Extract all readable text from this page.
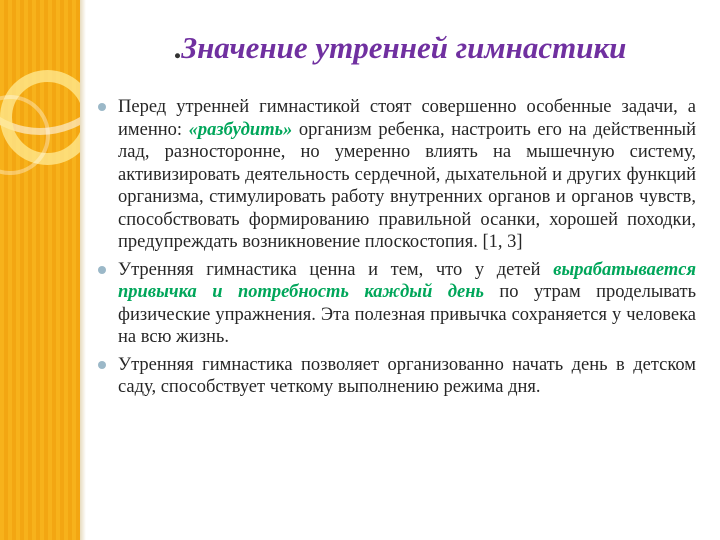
.Значение утренней гимнастики
Перед утренней гимнастикой стоят совершенно особенные задачи, а именно: «разбудить» организм ребенка, настроить его на действенный лад, разносторонне, но умеренно влиять на мышечную систему, активизировать деятельность сердечной, дыхательной и других функций организма, стимулировать работу внутренних органов и органов чувств, способствовать формированию правильной осанки, хорошей походки, предупреждать возникновение плоскостопия. [1, 3]
Утренняя гимнастика ценна и тем, что у детей вырабатывается привычка и потребность каждый день по утрам проделывать физические упражнения. Эта полезная привычка сохраняется у человека на всю жизнь.
Утренняя гимнастика позволяет организованно начать день в детском саду, способствует четкому выполнению режима дня.
